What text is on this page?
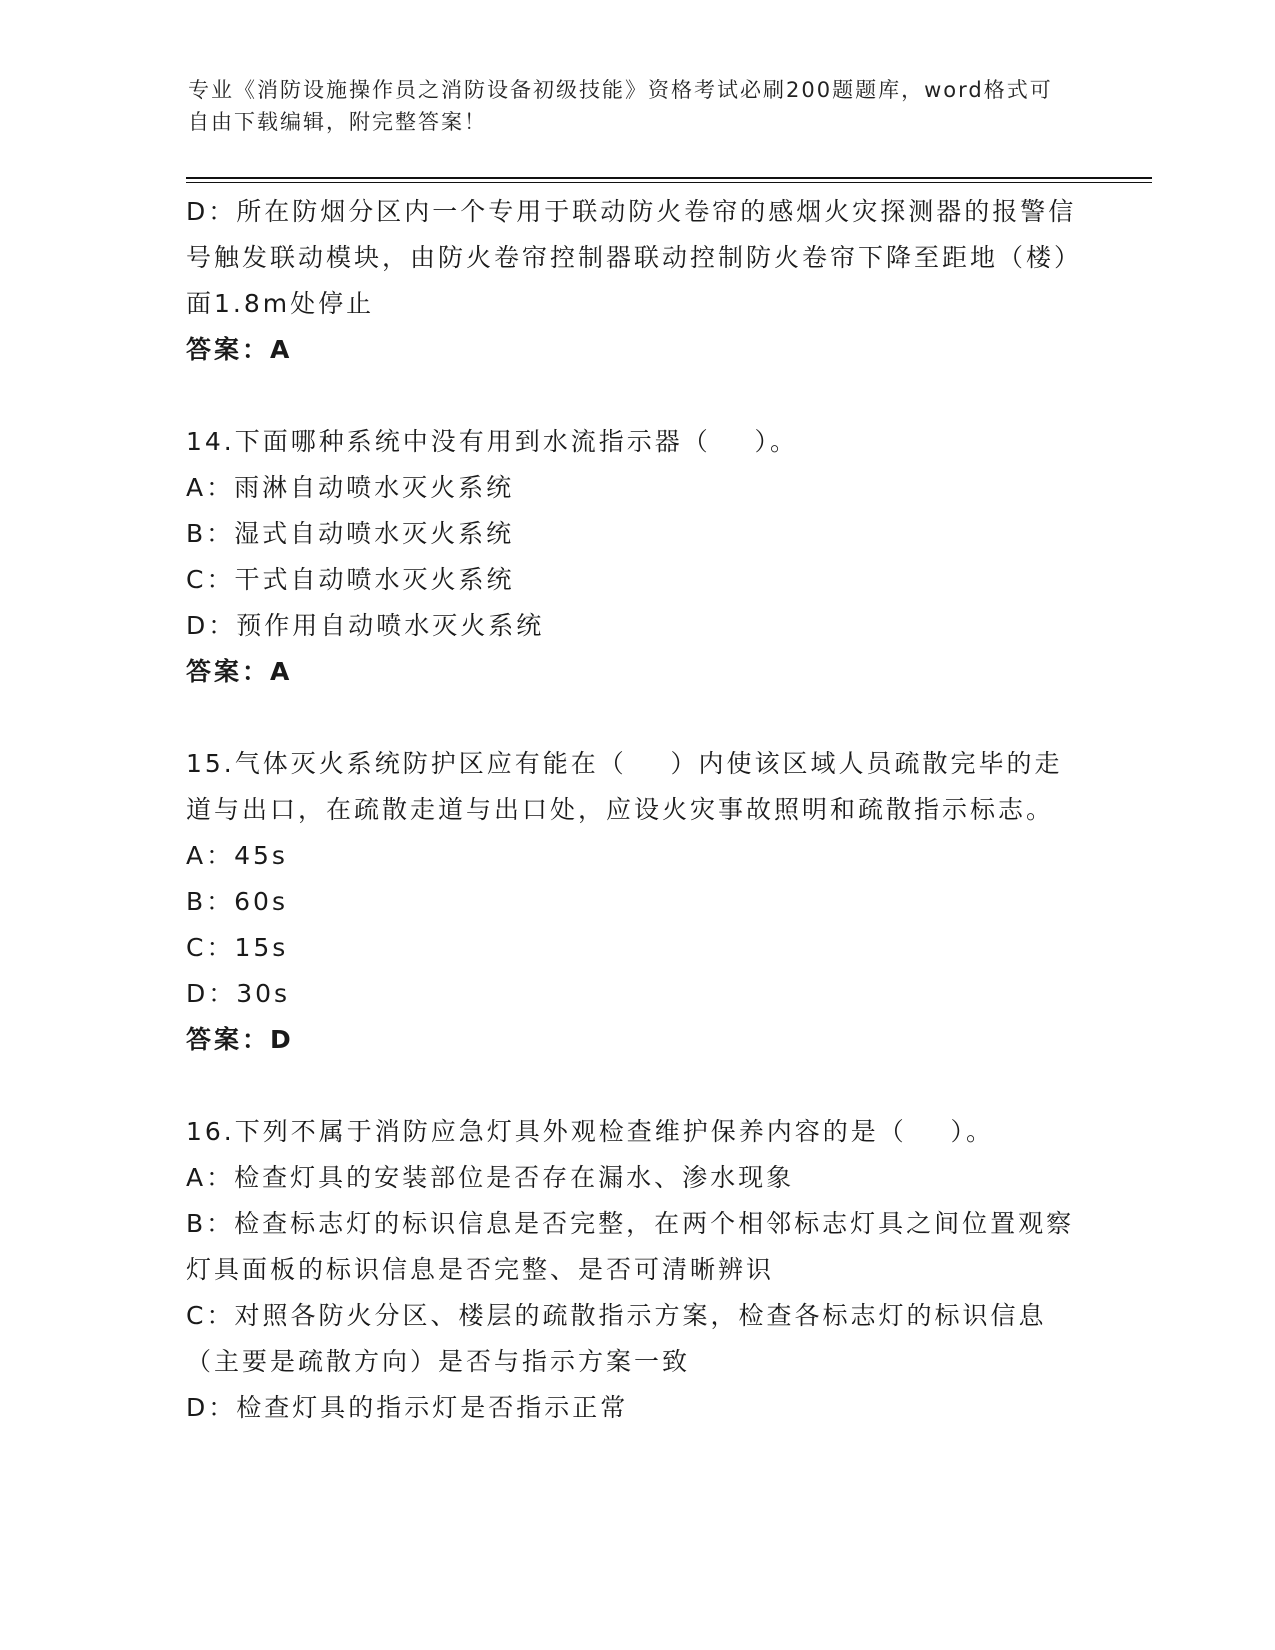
专业《消防设施操作员之消防设备初级技能》资格考试必刷200题题库，word格式可自由下载编辑，附完整答案！
D：所在防烟分区内一个专用于联动防火卷帘的感烟火灾探测器的报警信号触发联动模块，由防火卷帘控制器联动控制防火卷帘下降至距地（楼）面1.8m处停止
答案：A
14.下面哪种系统中没有用到水流指示器（    ）。
A：雨淋自动喷水灭火系统
B：湿式自动喷水灭火系统
C：干式自动喷水灭火系统
D：预作用自动喷水灭火系统
答案：A
15.气体灭火系统防护区应有能在（    ）内使该区域人员疏散完毕的走道与出口，在疏散走道与出口处，应设火灾事故照明和疏散指示标志。
A：45s
B：60s
C：15s
D：30s
答案：D
16.下列不属于消防应急灯具外观检查维护保养内容的是（    ）。
A：检查灯具的安装部位是否存在漏水、渗水现象
B：检查标志灯的标识信息是否完整，在两个相邻标志灯具之间位置观察灯具面板的标识信息是否完整、是否可清晰辨识
C：对照各防火分区、楼层的疏散指示方案，检查各标志灯的标识信息（主要是疏散方向）是否与指示方案一致
D：检查灯具的指示灯是否指示正常
